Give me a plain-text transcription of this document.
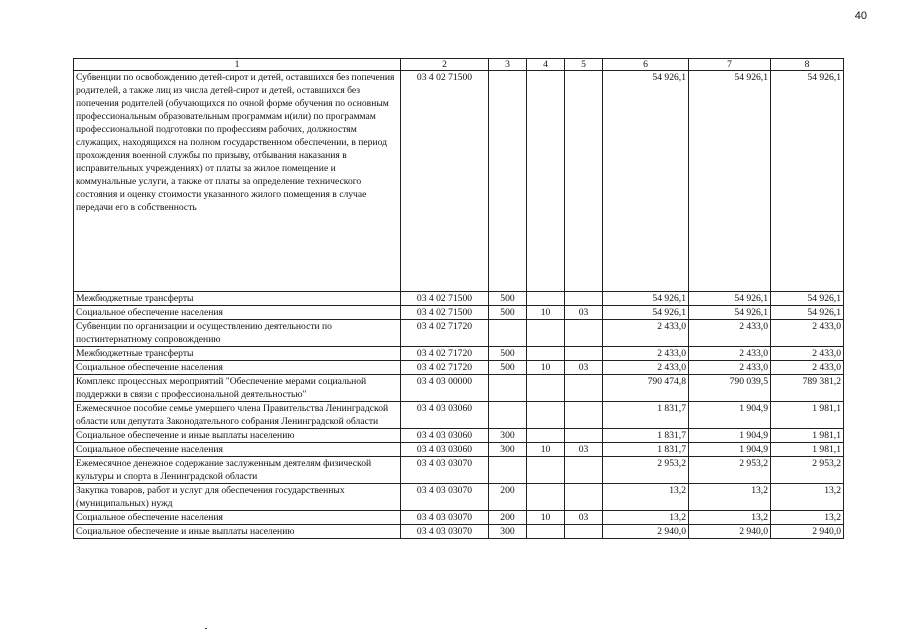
40
1	2	3	4	5	6	7	8
Субвенции по освобождению детей-сирот и детей, оставшихся без попечения родителей, а также лиц из числа детей-сирот и детей, оставшихся без попечения родителей (обучающихся по очной форме обучения по основным профессиональным образовательным программам и(или) по программам профессиональной подготовки по профессиям рабочих, должностям служащих, находящихся на полном государственном обеспечении, в период прохождения военной службы по призыву, отбывания наказания в исправительных учреждениях) от платы за жилое помещение и коммунальные услуги, а также от платы за определение технического состояния и оценку стоимости указанного жилого помещения в случае передачи его в собственность	03 4 02 71500				54 926,1	54 926,1	54 926,1
Межбюджетные трансферты	03 4 02 71500	500			54 926,1	54 926,1	54 926,1
Социальное обеспечение населения	03 4 02 71500	500	10	03	54 926,1	54 926,1	54 926,1
Субвенции по организации и осуществлению деятельности по постинтернатному сопровождению	03 4 02 71720				2 433,0	2 433,0	2 433,0
Межбюджетные трансферты	03 4 02 71720	500			2 433,0	2 433,0	2 433,0
Социальное обеспечение населения	03 4 02 71720	500	10	03	2 433,0	2 433,0	2 433,0
Комплекс процессных мероприятий "Обеспечение мерами социальной поддержки в связи с профессиональной деятельностью"	03 4 03 00000				790 474,8	790 039,5	789 381,2
Ежемесячное пособие семье умершего члена Правительства Ленинградской области или депутата Законодательного собрания Ленинградской области	03 4 03 03060				1 831,7	1 904,9	1 981,1
Социальное обеспечение и иные выплаты населению	03 4 03 03060	300			1 831,7	1 904,9	1 981,1
Социальное обеспечение населения	03 4 03 03060	300	10	03	1 831,7	1 904,9	1 981,1
Ежемесячное денежное содержание заслуженным деятелям физической культуры и спорта в Ленинградской области	03 4 03 03070				2 953,2	2 953,2	2 953,2
Закупка товаров, работ и услуг для обеспечения государственных (муниципальных) нужд	03 4 03 03070	200			13,2	13,2	13,2
Социальное обеспечение населения	03 4 03 03070	200	10	03	13,2	13,2	13,2
Социальное обеспечение и иные выплаты населению	03 4 03 03070	300			2 940,0	2 940,0	2 940,0
